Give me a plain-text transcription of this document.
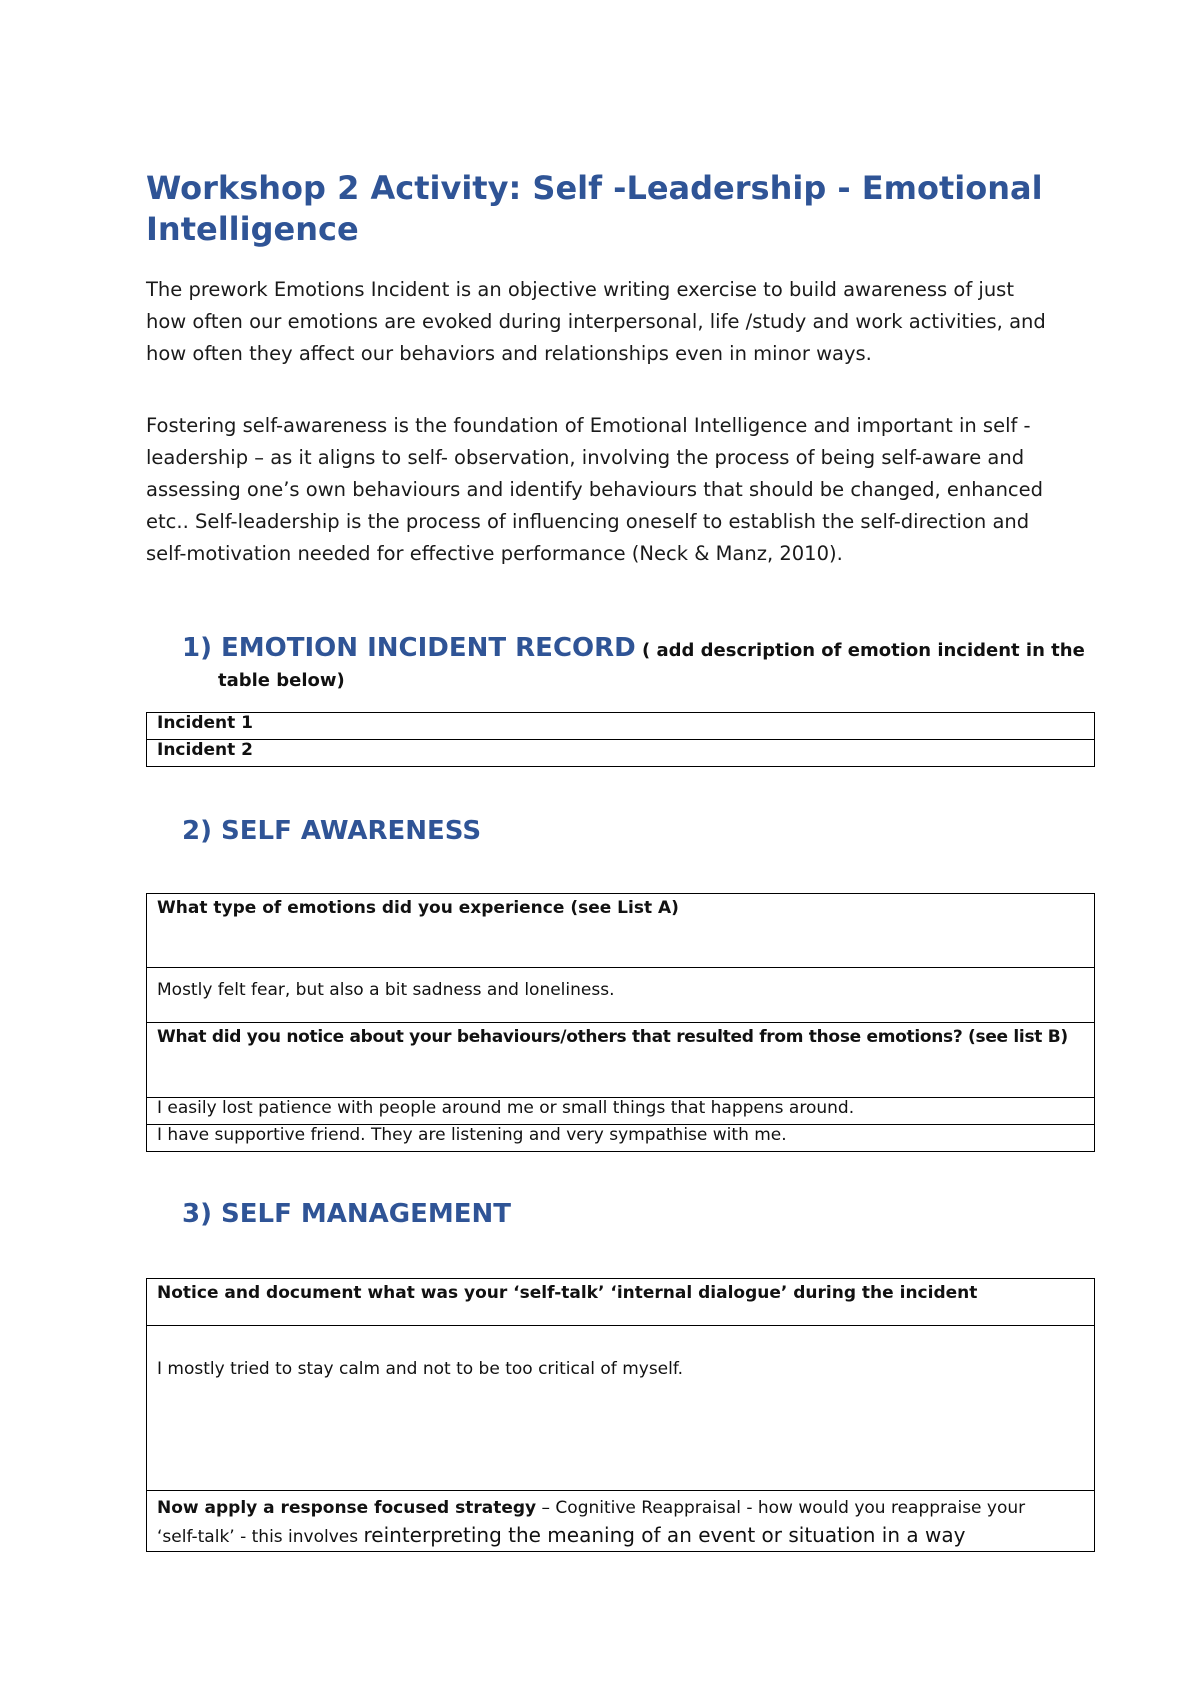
Workshop 2 Activity: Self -Leadership - Emotional
Intelligence

The prework Emotions Incident is an objective writing exercise to build awareness of just
how often our emotions are evoked during interpersonal, life /study and work activities, and
how often they affect our behaviors and relationships even in minor ways.

Fostering self-awareness is the foundation of Emotional Intelligence and important in self -
leadership – as it aligns to self- observation, involving the process of being self-aware and
assessing one’s own behaviours and identify behaviours that should be changed, enhanced
etc.. Self-leadership is the process of influencing oneself to establish the self-direction and
self-motivation needed for effective performance (Neck & Manz, 2010).

1) EMOTION INCIDENT RECORD ( add description of emotion incident in the
table below)
Incident 1
Incident 2
2) SELF AWARENESS
What type of emotions did you experience (see List A)
Mostly felt fear, but also a bit sadness and loneliness.
What did you notice about your behaviours/others that resulted from those emotions? (see list B)
I easily lost patience with people around me or small things that happens around.
I have supportive friend. They are listening and very sympathise with me.
3) SELF MANAGEMENT
Notice and document what was your ‘self-talk’ ‘internal dialogue’ during the incident
I mostly tried to stay calm and not to be too critical of myself.
Now apply a response focused strategy – Cognitive Reappraisal - how would you reappraise your
‘self-talk’ - this involves reinterpreting the meaning of an event or situation in a way
